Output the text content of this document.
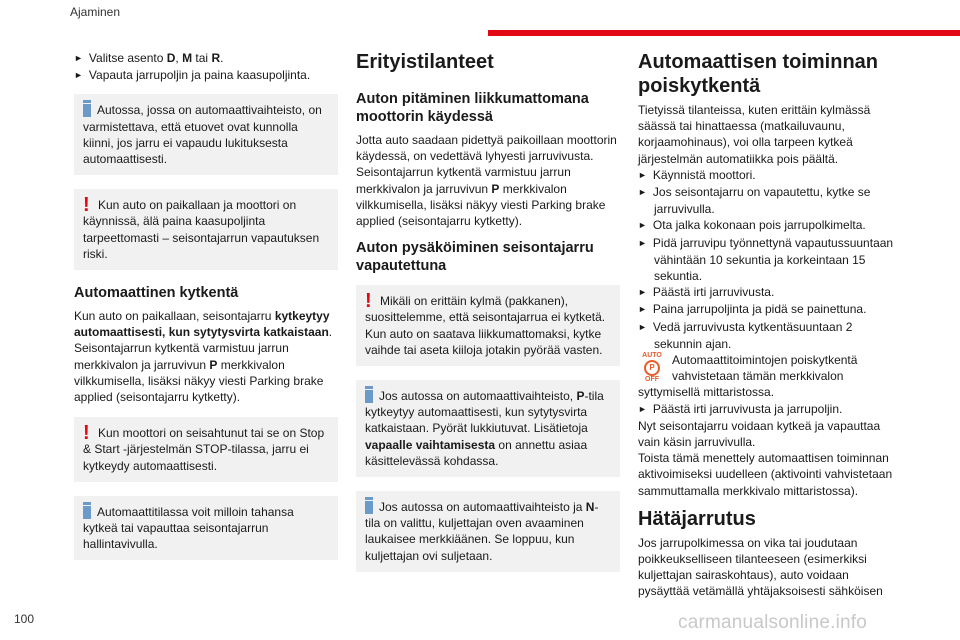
Ajaminen

► Valitse asento D, M tai R.

► Vapauta jarrupoljin ja paina kaasupoljinta.

Autossa, jossa on automaattivaihteisto, on varmistettava, että etuovet ovat kunnolla kiinni, jos jarru ei vapaudu lukituksesta automaattisesti.

! Kun auto on paikallaan ja moottori on käynnissä, älä paina kaasupoljinta tarpeettomasti – seisontajarrun vapautuksen riski.

Automaattinen kytkentä

Kun auto on paikallaan, seisontajarru kytkeytyy automaattisesti, kun sytytysvirta katkaistaan. Seisontajarrun kytkentä varmistuu jarrun merkkivalon ja jarruvivun P merkkivalon vilkkumisella, lisäksi näkyy viesti Parking brake applied (seisontajarru kytketty).

! Kun moottori on seisahtunut tai se on Stop & Start -järjestelmän STOP-tilassa, jarru ei kytkeydy automaattisesti.

Automaattitilassa voit milloin tahansa kytkeä tai vapauttaa seisontajarrun hallintavivulla.

Erityistilanteet
Auton pitäminen liikkumattomana moottorin käydessä

Jotta auto saadaan pidettyä paikoillaan moottorin käydessä, on vedettävä lyhyesti jarruvivusta. Seisontajarrun kytkentä varmistuu jarrun merkkivalon ja jarruvivun P merkkivalon vilkkumisella, lisäksi näkyy viesti Parking brake applied (seisontajarru kytketty).

Auton pysäköiminen seisontajarru vapautettuna
! Mikäli on erittäin kylmä (pakkanen), suosittelemme, että seisontajarrua ei kytketä.

Kun auto on saatava liikkumattomaksi, kytke vaihde tai aseta kiiloja jotakin pyörää vasten.

Jos autossa on automaattivaihteisto, P-tila kytkeytyy automaattisesti, kun sytytysvirta katkaistaan. Pyörät lukkiutuvat. Lisätietoja vapaalle vaihtamisesta on annettu asiaa käsittelevässä kohdassa.

Jos autossa on automaattivaihteisto ja N-tila on valittu, kuljettajan oven avaaminen laukaisee merkkiäänen. Se loppuu, kun kuljettajan ovi suljetaan.

Automaattisen toiminnan poiskytkentä

Tietyissä tilanteissa, kuten erittäin kylmässä säässä tai hinattaessa (matkailuvaunu, korjaamohinaus), voi olla tarpeen kytkeä järjestelmän automatiikka pois päältä.

► Käynnistä moottori.

► Jos seisontajarru on vapautettu, kytke se jarruvivulla.

► Ota jalka kokonaan pois jarrupolkimelta.

► Pidä jarruvipu työnnettynä vapautussuuntaan vähintään 10 sekuntia ja korkeintaan 15 sekuntia.

► Päästä irti jarruvivusta.

► Paina jarrupoljinta ja pidä se painettuna.

► Vedä jarruvivusta kytkentäsuuntaan 2 sekunnin ajan.

AUTO
P
OFF

Automaattitoimintojen poiskytkentä vahvistetaan tämän merkkivalon syttymisellä mittaristossa.

► Päästä irti jarruvivusta ja jarrupoljin.

Nyt seisontajarru voidaan kytkeä ja vapauttaa vain käsin jarruvivulla.

Toista tämä menettely automaattisen toiminnan aktivoimiseksi uudelleen (aktivointi vahvistetaan sammuttamalla merkkivalo mittaristossa).

Hätäjarrutus

Jos jarrupolkimessa on vika tai joudutaan poikkeukselliseen tilanteeseen (esimerkiksi kuljettajan sairaskohtaus), auto voidaan pysäyttää vetämällä yhtäjaksoisesti sähköisen

100	carmanualsonline.info
